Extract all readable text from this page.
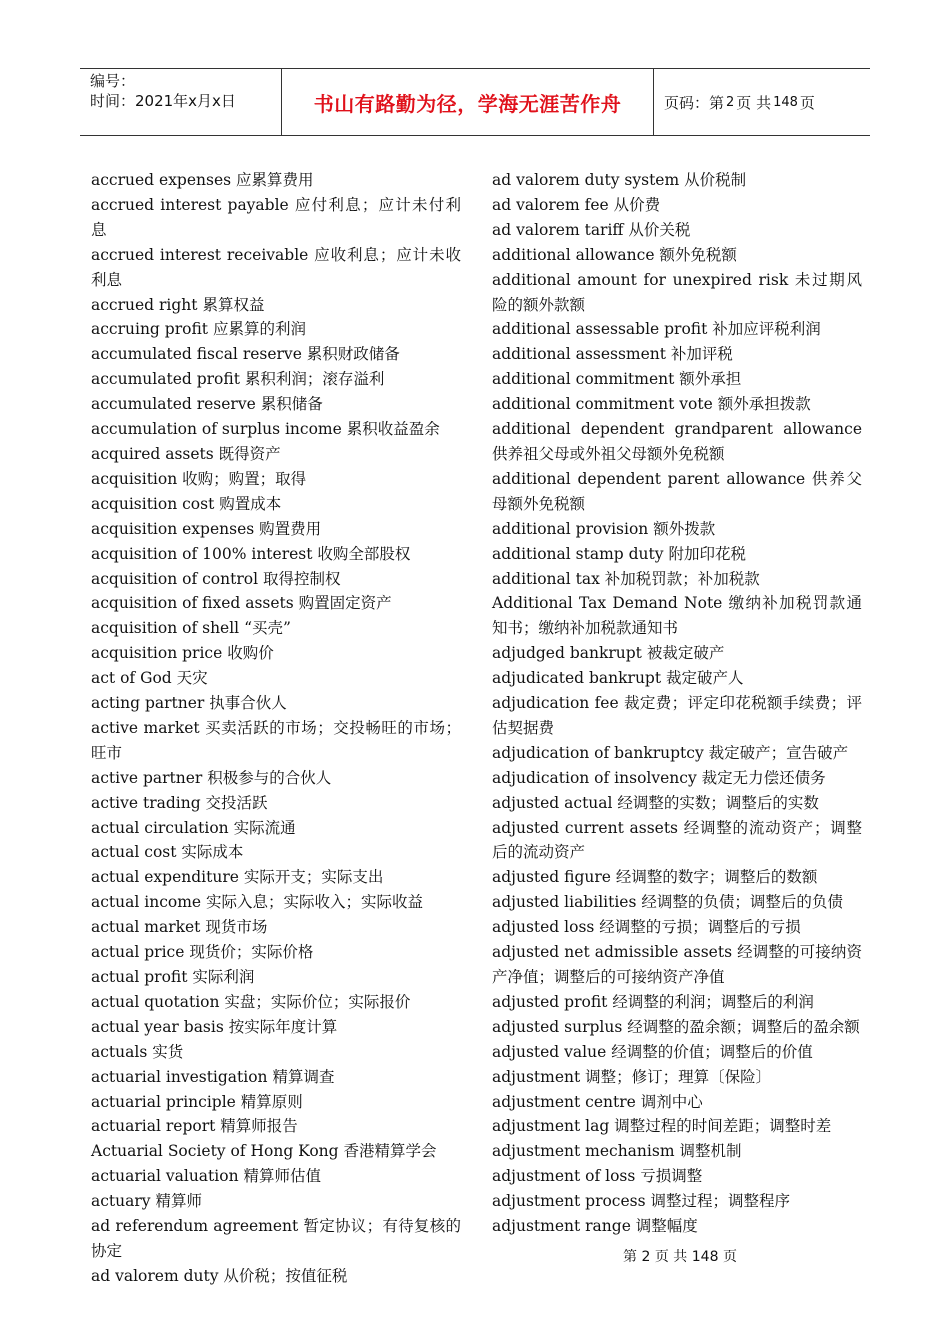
编号：
时间：2021年x月x日	书山有路勤为径，学海无涯苦作舟	页码：第 2 页 共 148 页

accrued expenses 应累算费用

accrued interest payable 应付利息；应计未付利息

accrued interest receivable 应收利息；应计未收利息

accrued right 累算权益

accruing profit 应累算的利润

accumulated fiscal reserve 累积财政储备

accumulated profit 累积利润；滚存溢利

accumulated reserve 累积储备

accumulation of surplus income 累积收益盈余

acquired assets 既得资产

acquisition 收购；购置；取得

acquisition cost 购置成本

acquisition expenses 购置费用

acquisition of 100% interest 收购全部股权

acquisition of control 取得控制权

acquisition of fixed assets 购置固定资产

acquisition of shell “买壳”

acquisition price 收购价

act of God 天灾

acting partner 执事合伙人

active market 买卖活跃的市场；交投畅旺的市场；旺市

active partner 积极参与的合伙人

active trading 交投活跃

actual circulation 实际流通

actual cost 实际成本

actual expenditure 实际开支；实际支出

actual income 实际入息；实际收入；实际收益

actual market 现货市场

actual price 现货价；实际价格

actual profit 实际利润

actual quotation 实盘；实际价位；实际报价

actual year basis 按实际年度计算

actuals 实货

actuarial investigation 精算调查

actuarial principle 精算原则

actuarial report 精算师报告

Actuarial Society of Hong Kong 香港精算学会

actuarial valuation 精算师估值

actuary 精算师

ad referendum agreement 暂定协议；有待复核的协定

ad valorem duty 从价税；按值征税

ad valorem duty system 从价税制

ad valorem fee 从价费

ad valorem tariff 从价关税

additional allowance 额外免税额

additional amount for unexpired risk 未过期风险的额外款额

additional assessable profit 补加应评税利润

additional assessment 补加评税

additional commitment 额外承担

additional commitment vote 额外承担拨款

additional dependent grandparent allowance 供养祖父母或外祖父母额外免税额

additional dependent parent allowance 供养父母额外免税额

additional provision 额外拨款

additional stamp duty 附加印花税

additional tax 补加税罚款；补加税款

Additional Tax Demand Note 缴纳补加税罚款通知书；缴纳补加税款通知书

adjudged bankrupt 被裁定破产

adjudicated bankrupt 裁定破产人

adjudication fee 裁定费；评定印花税额手续费；评估契据费

adjudication of bankruptcy 裁定破产；宣告破产

adjudication of insolvency 裁定无力偿还债务

adjusted actual 经调整的实数；调整后的实数

adjusted current assets 经调整的流动资产；调整后的流动资产

adjusted figure 经调整的数字；调整后的数额

adjusted liabilities 经调整的负债；调整后的负债

adjusted loss 经调整的亏损；调整后的亏损

adjusted net admissible assets 经调整的可接纳资产净值；调整后的可接纳资产净值

adjusted profit 经调整的利润；调整后的利润

adjusted surplus 经调整的盈余额；调整后的盈余额

adjusted value 经调整的价值；调整后的价值

adjustment 调整；修订；理算〔保险〕

adjustment centre 调剂中心

adjustment lag 调整过程的时间差距；调整时差

adjustment mechanism 调整机制

adjustment of loss 亏损调整

adjustment process 调整过程；调整程序

adjustment range 调整幅度

第 2 页 共 148 页
